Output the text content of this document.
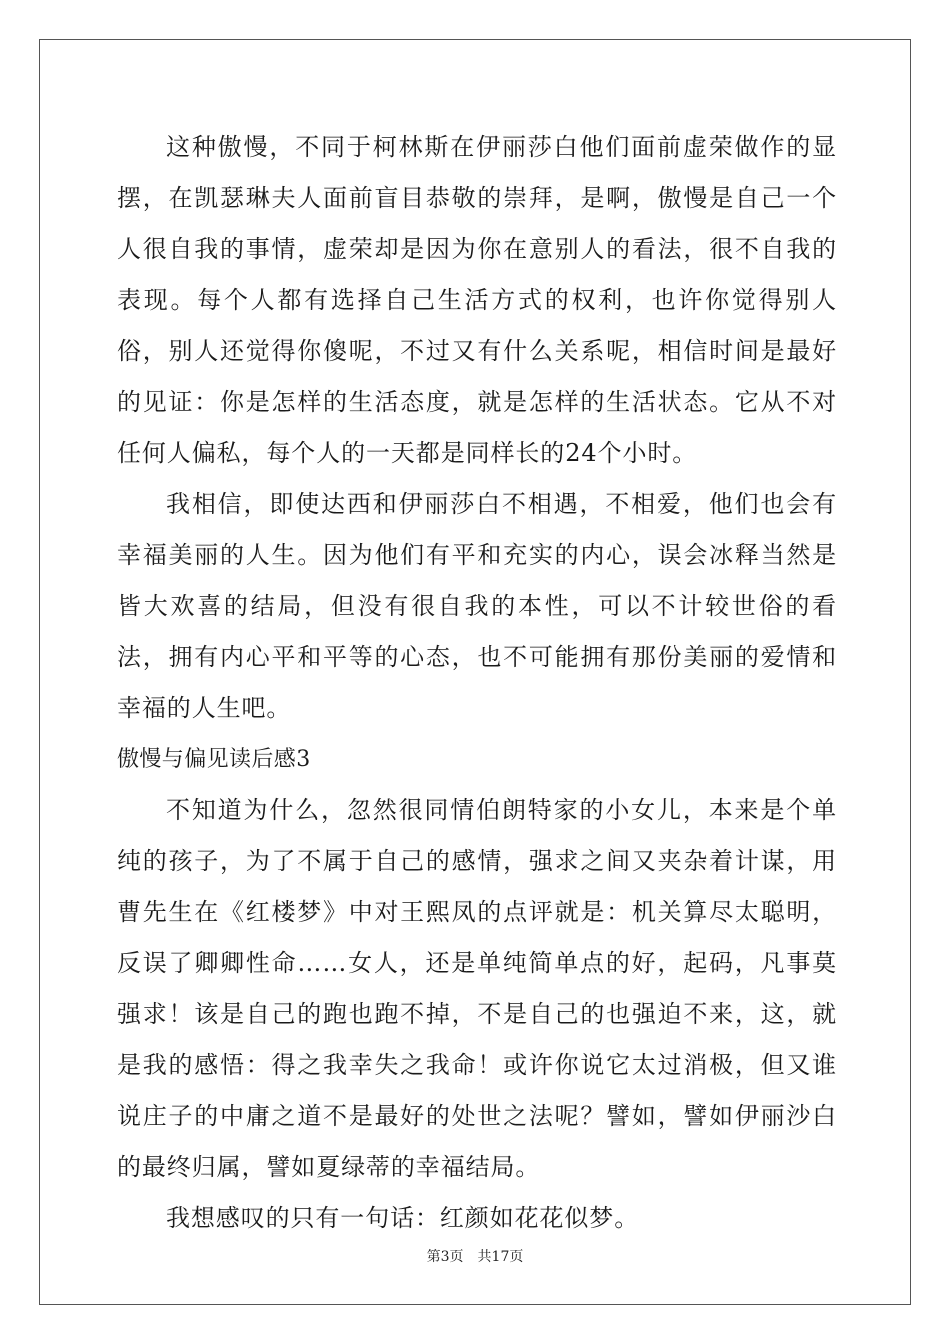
这种傲慢，不同于柯林斯在伊丽莎白他们面前虚荣做作的显摆，在凯瑟琳夫人面前盲目恭敬的崇拜，是啊，傲慢是自己一个人很自我的事情，虚荣却是因为你在意别人的看法，很不自我的表现。每个人都有选择自己生活方式的权利，也许你觉得别人俗，别人还觉得你傻呢，不过又有什么关系呢，相信时间是最好的见证：你是怎样的生活态度，就是怎样的生活状态。它从不对任何人偏私，每个人的一天都是同样长的24个小时。

我相信，即使达西和伊丽莎白不相遇，不相爱，他们也会有幸福美丽的人生。因为他们有平和充实的内心，误会冰释当然是皆大欢喜的结局，但没有很自我的本性，可以不计较世俗的看法，拥有内心平和平等的心态，也不可能拥有那份美丽的爱情和幸福的人生吧。

傲慢与偏见读后感3

不知道为什么，忽然很同情伯朗特家的小女儿，本来是个单纯的孩子，为了不属于自己的感情，强求之间又夹杂着计谋，用曹先生在《红楼梦》中对王熙凤的点评就是：机关算尽太聪明，反误了卿卿性命……女人，还是单纯简单点的好，起码，凡事莫强求！该是自己的跑也跑不掉，不是自己的也强迫不来，这，就是我的感悟：得之我幸失之我命！或许你说它太过消极，但又谁说庄子的中庸之道不是最好的处世之法呢？譬如，譬如伊丽沙白的最终归属，譬如夏绿蒂的幸福结局。

我想感叹的只有一句话：红颜如花花似梦。

第3页 共17页
